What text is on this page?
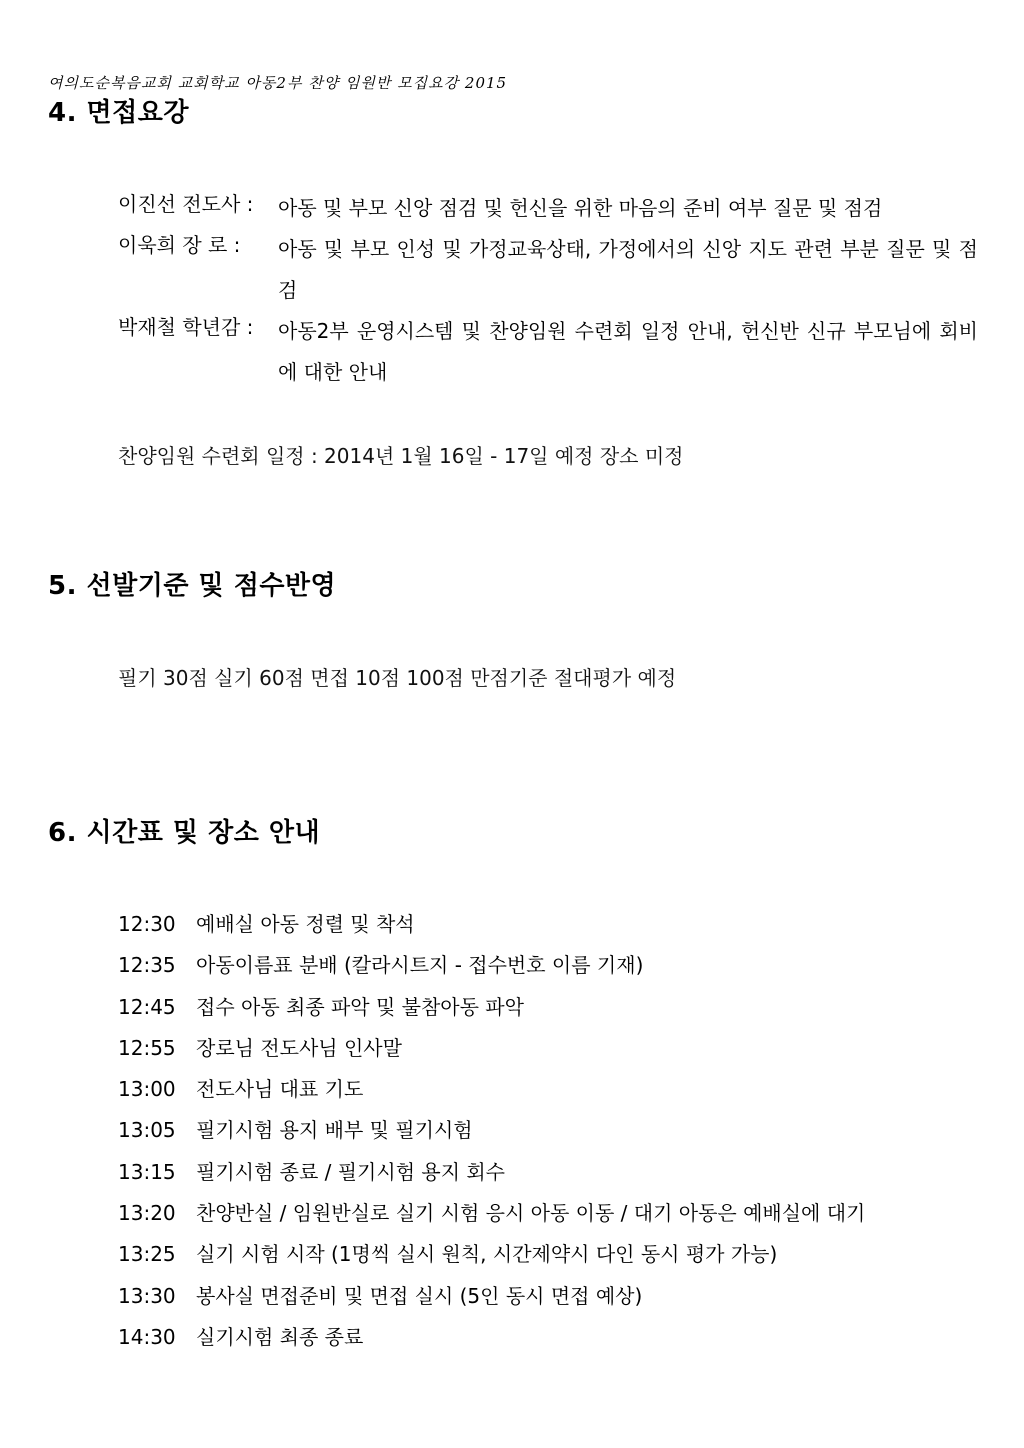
여의도순복음교회 교회학교 아동2부 찬양 임원반 모집요강 2015
4. 면접요강
이진선 전도사 : 아동 및 부모 신앙 점검 및 헌신을 위한 마음의 준비 여부 질문 및 점검
이욱희 장 로 : 아동 및 부모 인성 및 가정교육상태, 가정에서의 신앙 지도 관련 부분 질문 및 점검
박재철 학년감 : 아동2부 운영시스템 및 찬양임원 수련회 일정 안내, 헌신반 신규 부모님에 회비에 대한 안내
찬양임원 수련회 일정 : 2014년 1월 16일 - 17일 예정 장소 미정
5. 선발기준 및 점수반영
필기 30점 실기 60점 면접 10점 100점 만점기준 절대평가 예정
6. 시간표 및 장소 안내
12:30 예배실 아동 정렬 및 착석
12:35 아동이름표 분배 (칼라시트지 - 접수번호 이름 기재)
12:45 접수 아동 최종 파악 및 불참아동 파악
12:55 장로님 전도사님 인사말
13:00 전도사님 대표 기도
13:05 필기시험 용지 배부 및 필기시험
13:15 필기시험 종료 / 필기시험 용지 회수
13:20 찬양반실 / 임원반실로 실기 시험 응시 아동 이동 / 대기 아동은 예배실에 대기
13:25 실기 시험 시작 (1명씩 실시 원칙, 시간제약시 다인 동시 평가 가능)
13:30 봉사실 면접준비 및 면접 실시 (5인 동시 면접 예상)
14:30 실기시험 최종 종료
